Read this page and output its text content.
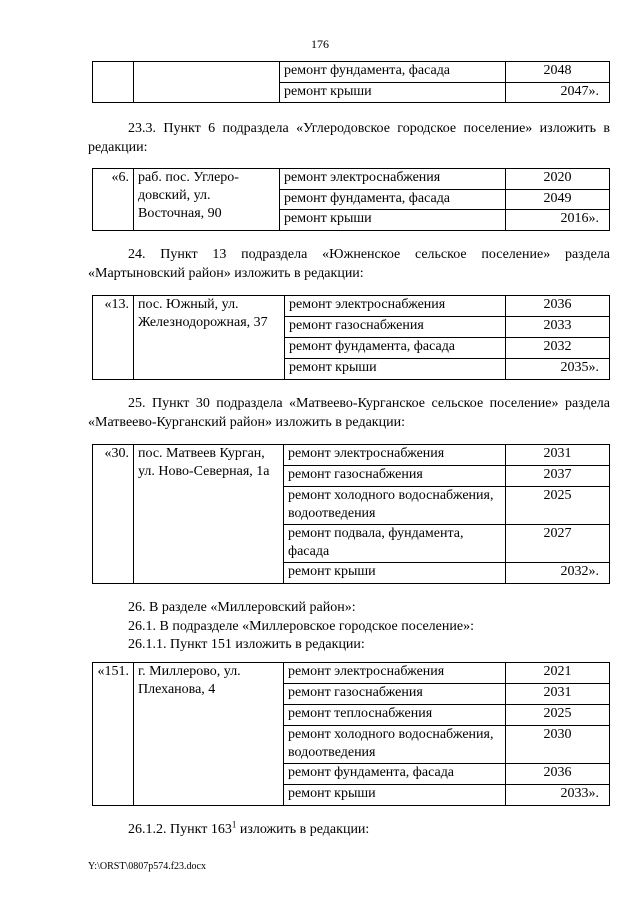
176
		ремонт фундамента, фасада	2048
		ремонт крыши	2047».
23.3. Пункт 6 подраздела «Углеродовское городское поселение» изложить в редакции:
«6.	раб. пос. Углеро-довский, ул. Восточная, 90	ремонт электроснабжения	2020
		ремонт фундамента, фасада	2049
		ремонт крыши	2016».
24. Пункт 13 подраздела «Южненское сельское поселение» раздела «Мартыновский район» изложить в редакции:
«13.	пос. Южный, ул. Железнодорожная, 37	ремонт электроснабжения	2036
		ремонт газоснабжения	2033
		ремонт фундамента, фасада	2032
		ремонт крыши	2035».
25. Пункт 30 подраздела «Матвеево-Курганское сельское поселение» раздела «Матвеево-Курганский район» изложить в редакции:
«30.	пос. Матвеев Курган, ул. Ново-Северная, 1а	ремонт электроснабжения	2031
		ремонт газоснабжения	2037
		ремонт холодного водоснабжения, водоотведения	2025
		ремонт подвала, фундамента, фасада	2027
		ремонт крыши	2032».
26. В разделе «Миллеровский район»:
26.1. В подразделе «Миллеровское городское поселение»:
26.1.1. Пункт 151 изложить в редакции:
«151.	г. Миллерово, ул. Плеханова, 4	ремонт электроснабжения	2021
		ремонт газоснабжения	2031
		ремонт теплоснабжения	2025
		ремонт холодного водоснабжения, водоотведения	2030
		ремонт фундамента, фасада	2036
		ремонт крыши	2033».
26.1.2. Пункт $163^1$ изложить в редакции:
Y:\ORST\0807p574.f23.docx
